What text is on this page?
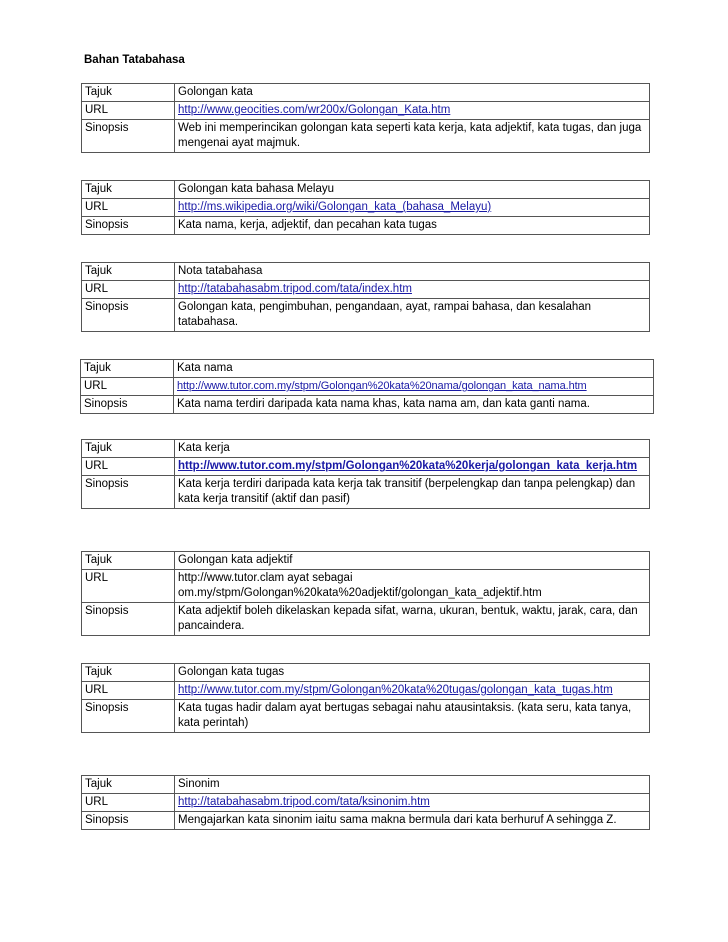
Bahan Tatabahasa
Tajuk	Golongan kata
URL	http://www.geocities.com/wr200x/Golongan_Kata.htm
Sinopsis	Web ini memperincikan golongan kata seperti kata kerja, kata adjektif, kata tugas, dan juga mengenai ayat majmuk.
Tajuk	Golongan kata bahasa Melayu
URL	http://ms.wikipedia.org/wiki/Golongan_kata_(bahasa_Melayu)
Sinopsis	Kata nama, kerja, adjektif, dan pecahan kata tugas
Tajuk	Nota tatabahasa
URL	http://tatabahasabm.tripod.com/tata/index.htm
Sinopsis	Golongan kata, pengimbuhan, pengandaan, ayat, rampai bahasa, dan kesalahan tatabahasa.
Tajuk	Kata nama
URL	http://www.tutor.com.my/stpm/Golongan%20kata%20nama/golongan_kata_nama.htm
Sinopsis	Kata nama terdiri daripada kata nama khas, kata nama am, dan kata ganti nama.
Tajuk	Kata kerja
URL	http://www.tutor.com.my/stpm/Golongan%20kata%20kerja/golongan_kata_kerja.htm
Sinopsis	Kata kerja terdiri daripada kata kerja tak transitif (berpelengkap dan tanpa pelengkap) dan kata kerja transitif (aktif dan pasif)
Tajuk	Golongan kata adjektif
URL	http://www.tutor.clam ayat sebagai om.my/stpm/Golongan%20kata%20adjektif/golongan_kata_adjektif.htm
Sinopsis	Kata adjektif boleh dikelaskan kepada sifat, warna, ukuran, bentuk, waktu, jarak, cara, dan pancaindera.
Tajuk	Golongan kata tugas
URL	http://www.tutor.com.my/stpm/Golongan%20kata%20tugas/golongan_kata_tugas.htm
Sinopsis	Kata tugas hadir dalam ayat bertugas sebagai nahu atausintaksis. (kata seru, kata tanya, kata perintah)
Tajuk	Sinonim
URL	http://tatabahasabm.tripod.com/tata/ksinonim.htm
Sinopsis	Mengajarkan kata sinonim iaitu sama makna bermula dari kata berhuruf A sehingga Z.
